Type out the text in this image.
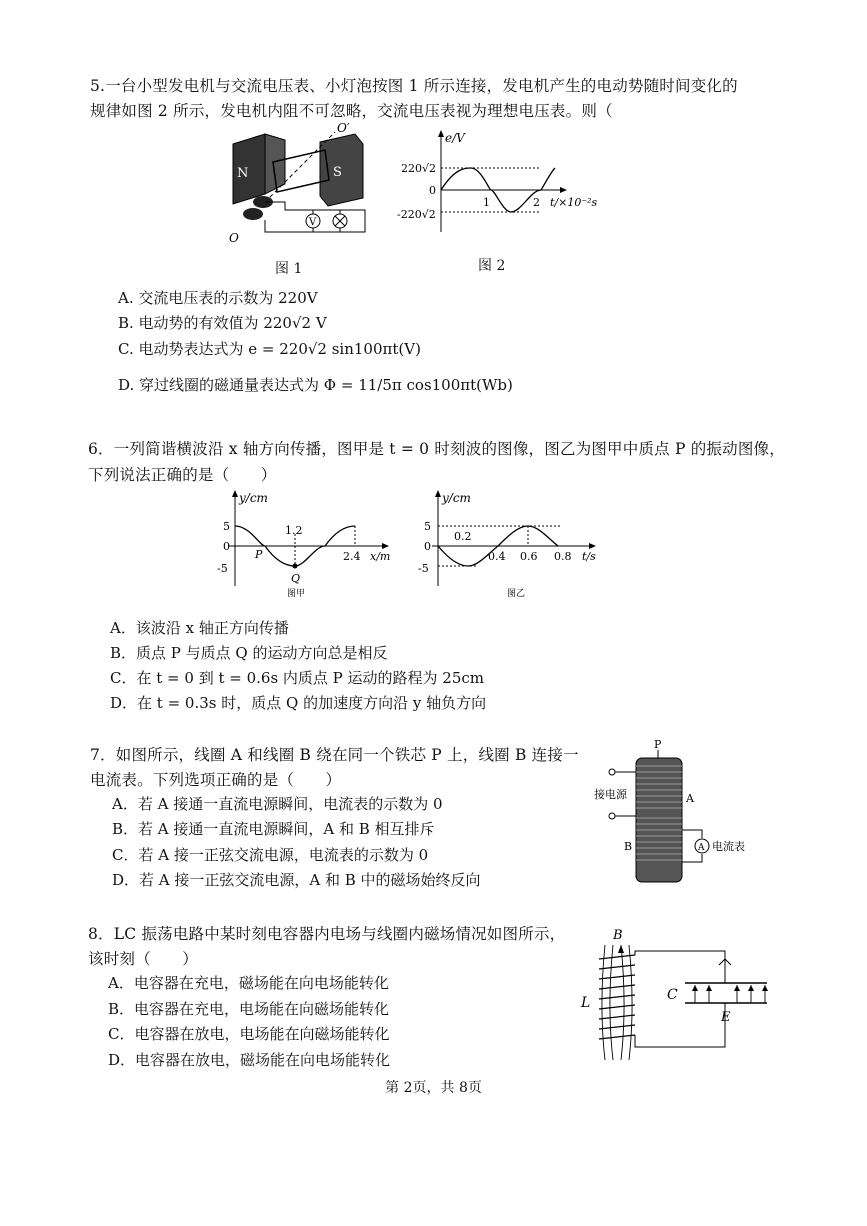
5.一台小型发电机与交流电压表、小灯泡按图 1 所示连接，发电机产生的电动势随时间变化的
规律如图 2 所示，发电机内阻不可忽略，交流电压表视为理想电压表。则（
N	S
O′
O
V
图 1
e/V
220√2
0
-220√2
1	2 t/×10⁻²s
图 2
A. 交流电压表的示数为 220V
B. 电动势的有效值为 220√2 V
C. 电动势表达式为 e = 220√2 sin100πt(V)
D. 穿过线圈的磁通量表达式为 Φ = 11/5π cos100πt(Wb)
6．一列简谐横波沿 x 轴方向传播，图甲是 t = 0 时刻波的图像，图乙为图甲中质点 P 的振动图像，
下列说法正确的是（　　）
y/cm
5
0
-5
1.2
2.4 x/m
P
Q
图甲
y/cm
5
0
-5
0.2
0.4 0.6 0.8 t/s
图乙
A．该波沿 x 轴正方向传播
B．质点 P 与质点 Q 的运动方向总是相反
C．在 t = 0 到 t = 0.6s 内质点 P 运动的路程为 25cm
D．在 t = 0.3s 时，质点 Q 的加速度方向沿 y 轴负方向
7．如图所示，线圈 A 和线圈 B 绕在同一个铁芯 P 上，线圈 B 连接一
电流表。下列选项正确的是（　　）
P
接电源	A
B	A 电流表
A．若 A 接通一直流电源瞬间，电流表的示数为 0
B．若 A 接通一直流电源瞬间，A 和 B 相互排斥
C．若 A 接一正弦交流电源，电流表的示数为 0
D．若 A 接一正弦交流电源，A 和 B 中的磁场始终反向
8．LC 振荡电路中某时刻电容器内电场与线圈内磁场情况如图所示，
该时刻（　　）
B
L	C
E
A．电容器在充电，磁场能在向电场能转化
B．电容器在充电，电场能在向磁场能转化
C．电容器在放电，电场能在向磁场能转化
D．电容器在放电，磁场能在向电场能转化
第 2页，共 8页
